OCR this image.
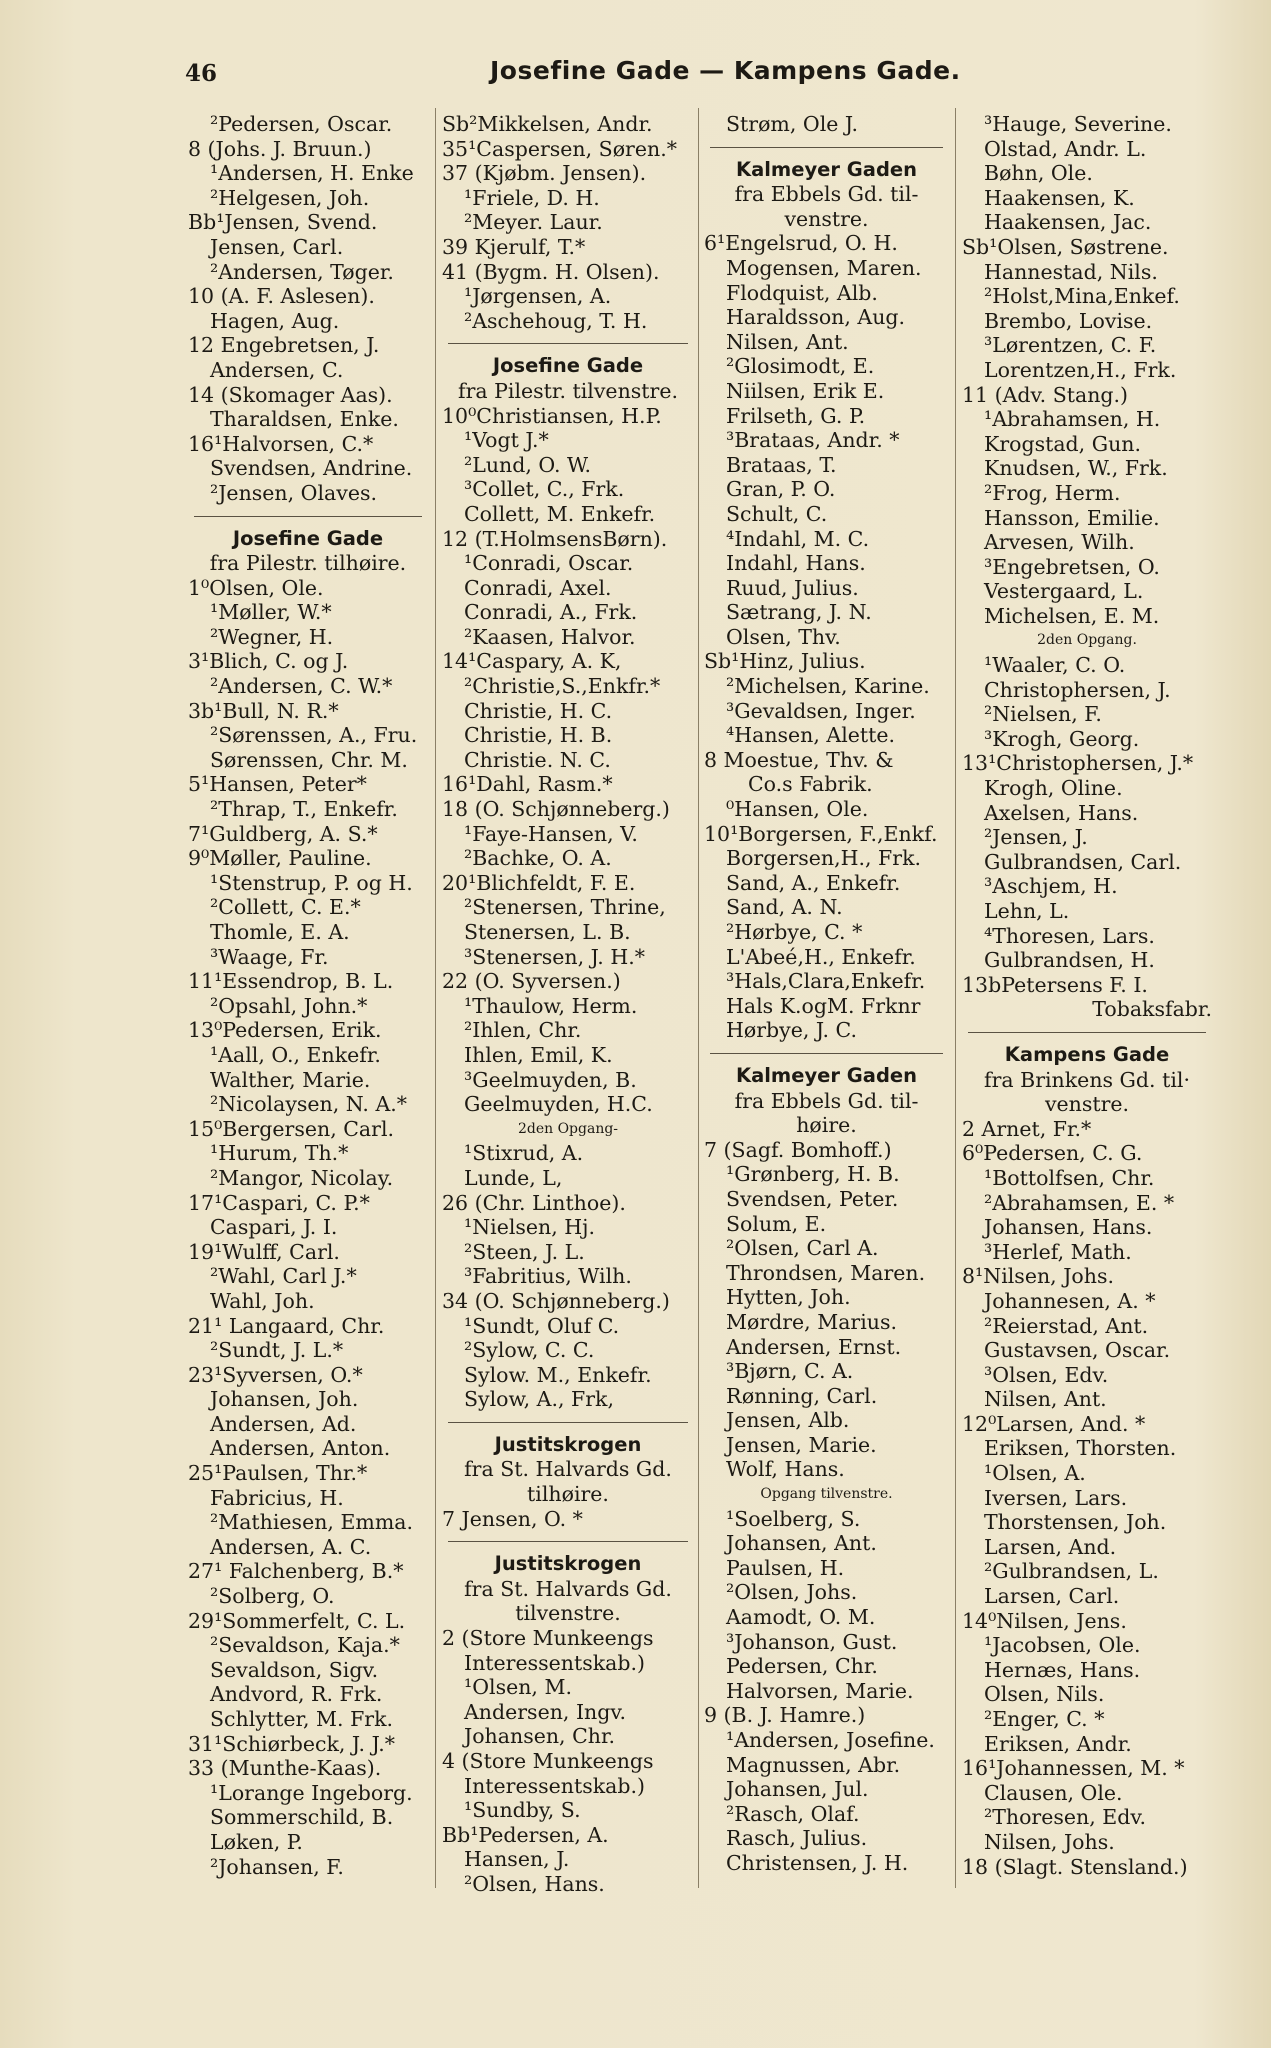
46	Josefine Gade — Kampens Gade.
²Pedersen, Oscar.
8 (Johs. J. Bruun.)
¹Andersen, H. Enke
²Helgesen, Joh.
Bb¹Jensen, Svend.
Jensen, Carl.
²Andersen, Tøger.
10 (A. F. Aslesen).
Hagen, Aug.
12 Engebretsen, J.
Andersen, C.
14 (Skomager Aas).
Tharaldsen, Enke.
16¹Halvorsen, C.*
Svendsen, Andrine.
²Jensen, Olaves.
Josefine Gade
fra Pilestr. tilhøire.
1⁰Olsen, Ole.
¹Møller, W.*
²Wegner, H.
3¹Blich, C. og J.
²Andersen, C. W.*
3b¹Bull, N. R.*
²Sørenssen, A., Fru.
Sørenssen, Chr. M.
5¹Hansen, Peter*
²Thrap, T., Enkefr.
7¹Guldberg, A. S.*
9⁰Møller, Pauline.
¹Stenstrup, P. og H.
²Collett, C. E.*
Thomle, E. A.
³Waage, Fr.
11¹Essendrop, B. L.
²Opsahl, John.*
13⁰Pedersen, Erik.
¹Aall, O., Enkefr.
Walther, Marie.
²Nicolaysen, N. A.*
15⁰Bergersen, Carl.
¹Hurum, Th.*
²Mangor, Nicolay.
17¹Caspari, C. P.*
Caspari, J. I.
19¹Wulff, Carl.
²Wahl, Carl J.*
Wahl, Joh.
21¹ Langaard, Chr.
²Sundt, J. L.*
23¹Syversen, O.*
Johansen, Joh.
Andersen, Ad.
Andersen, Anton.
25¹Paulsen, Thr.*
Fabricius, H.
²Mathiesen, Emma.
Andersen, A. C.
27¹ Falchenberg, B.*
²Solberg, O.
29¹Sommerfelt, C. L.
²Sevaldson, Kaja.*
Sevaldson, Sigv.
Andvord, R. Frk.
Schlytter, M. Frk.
31¹Schiørbeck, J. J.*
33 (Munthe-Kaas).
¹Lorange Ingeborg.
Sommerschild, B.
Løken, P.
²Johansen, F.
Sb²Mikkelsen, Andr.
35¹Caspersen, Søren.*
37 (Kjøbm. Jensen).
¹Friele, D. H.
²Meyer. Laur.
39 Kjerulf, T.*
41 (Bygm. H. Olsen).
¹Jørgensen, A.
²Aschehoug, T. H.
Josefine Gade
fra Pilestr. tilvenstre.
10⁰Christiansen, H.P.
¹Vogt J.*
²Lund, O. W.
³Collet, C., Frk.
Collett, M. Enkefr.
12 (T.HolmsensBørn).
¹Conradi, Oscar.
Conradi, Axel.
Conradi, A., Frk.
²Kaasen, Halvor.
14¹Caspary, A. K,
²Christie,S.,Enkfr.*
Christie, H. C.
Christie, H. B.
Christie. N. C.
16¹Dahl, Rasm.*
18 (O. Schjønneberg.)
¹Faye-Hansen, V.
²Bachke, O. A.
20¹Blichfeldt, F. E.
²Stenersen, Thrine,
Stenersen, L. B.
³Stenersen, J. H.*
22 (O. Syversen.)
¹Thaulow, Herm.
²Ihlen, Chr.
Ihlen, Emil, K.
³Geelmuyden, B.
Geelmuyden, H.C.
2den Opgang-
¹Stixrud, A.
Lunde, L,
26 (Chr. Linthoe).
¹Nielsen, Hj.
²Steen, J. L.
³Fabritius, Wilh.
34 (O. Schjønneberg.)
¹Sundt, Oluf C.
²Sylow, C. C.
Sylow. M., Enkefr.
Sylow, A., Frk,
Justitskrogen
fra St. Halvards Gd.
tilhøire.
7 Jensen, O. *
Justitskrogen
fra St. Halvards Gd.
tilvenstre.
2 (Store Munkeengs
Interessentskab.)
¹Olsen, M.
Andersen, Ingv.
Johansen, Chr.
4 (Store Munkeengs
Interessentskab.)
¹Sundby, S.
Bb¹Pedersen, A.
Hansen, J.
²Olsen, Hans.
Strøm, Ole J.
Kalmeyer Gaden
fra Ebbels Gd. til-
venstre.
6¹Engelsrud, O. H.
Mogensen, Maren.
Flodquist, Alb.
Haraldsson, Aug.
Nilsen, Ant.
²Glosimodt, E.
Niilsen, Erik E.
Frilseth, G. P.
³Brataas, Andr. *
Brataas, T.
Gran, P. O.
Schult, C.
⁴Indahl, M. C.
Indahl, Hans.
Ruud, Julius.
Sætrang, J. N.
Olsen, Thv.
Sb¹Hinz, Julius.
²Michelsen, Karine.
³Gevaldsen, Inger.
⁴Hansen, Alette.
8 Moestue, Thv. &
Co.s Fabrik.
⁰Hansen, Ole.
10¹Borgersen, F.,Enkf.
Borgersen,H., Frk.
Sand, A., Enkefr.
Sand, A. N.
²Hørbye, C. *
L'Abeé,H., Enkefr.
³Hals,Clara,Enkefr.
Hals K.ogM. Frknr
Hørbye, J. C.
Kalmeyer Gaden
fra Ebbels Gd. til-
høire.
7 (Sagf. Bomhoff.)
¹Grønberg, H. B.
Svendsen, Peter.
Solum, E.
²Olsen, Carl A.
Throndsen, Maren.
Hytten, Joh.
Mørdre, Marius.
Andersen, Ernst.
³Bjørn, C. A.
Rønning, Carl.
Jensen, Alb.
Jensen, Marie.
Wolf, Hans.
Opgang tilvenstre.
¹Soelberg, S.
Johansen, Ant.
Paulsen, H.
²Olsen, Johs.
Aamodt, O. M.
³Johanson, Gust.
Pedersen, Chr.
Halvorsen, Marie.
9 (B. J. Hamre.)
¹Andersen, Josefine.
Magnussen, Abr.
Johansen, Jul.
²Rasch, Olaf.
Rasch, Julius.
Christensen, J. H.
³Hauge, Severine.
Olstad, Andr. L.
Bøhn, Ole.
Haakensen, K.
Haakensen, Jac.
Sb¹Olsen, Søstrene.
Hannestad, Nils.
²Holst,Mina,Enkef.
Brembo, Lovise.
³Lørentzen, C. F.
Lorentzen,H., Frk.
11 (Adv. Stang.)
¹Abrahamsen, H.
Krogstad, Gun.
Knudsen, W., Frk.
²Frog, Herm.
Hansson, Emilie.
Arvesen, Wilh.
³Engebretsen, O.
Vestergaard, L.
Michelsen, E. M.
2den Opgang.
¹Waaler, C. O.
Christophersen, J.
²Nielsen, F.
³Krogh, Georg.
13¹Christophersen, J.*
Krogh, Oline.
Axelsen, Hans.
²Jensen, J.
Gulbrandsen, Carl.
³Aschjem, H.
Lehn, L.
⁴Thoresen, Lars.
Gulbrandsen, H.
13bPetersens F. I.
Tobaksfabr.
Kampens Gade
fra Brinkens Gd. til·
venstre.
2 Arnet, Fr.*
6⁰Pedersen, C. G.
¹Bottolfsen, Chr.
²Abrahamsen, E. *
Johansen, Hans.
³Herlef, Math.
8¹Nilsen, Johs.
Johannesen, A. *
²Reierstad, Ant.
Gustavsen, Oscar.
³Olsen, Edv.
Nilsen, Ant.
12⁰Larsen, And. *
Eriksen, Thorsten.
¹Olsen, A.
Iversen, Lars.
Thorstensen, Joh.
Larsen, And.
²Gulbrandsen, L.
Larsen, Carl.
14⁰Nilsen, Jens.
¹Jacobsen, Ole.
Hernæs, Hans.
Olsen, Nils.
²Enger, C. *
Eriksen, Andr.
16¹Johannessen, M. *
Clausen, Ole.
²Thoresen, Edv.
Nilsen, Johs.
18 (Slagt. Stensland.)
